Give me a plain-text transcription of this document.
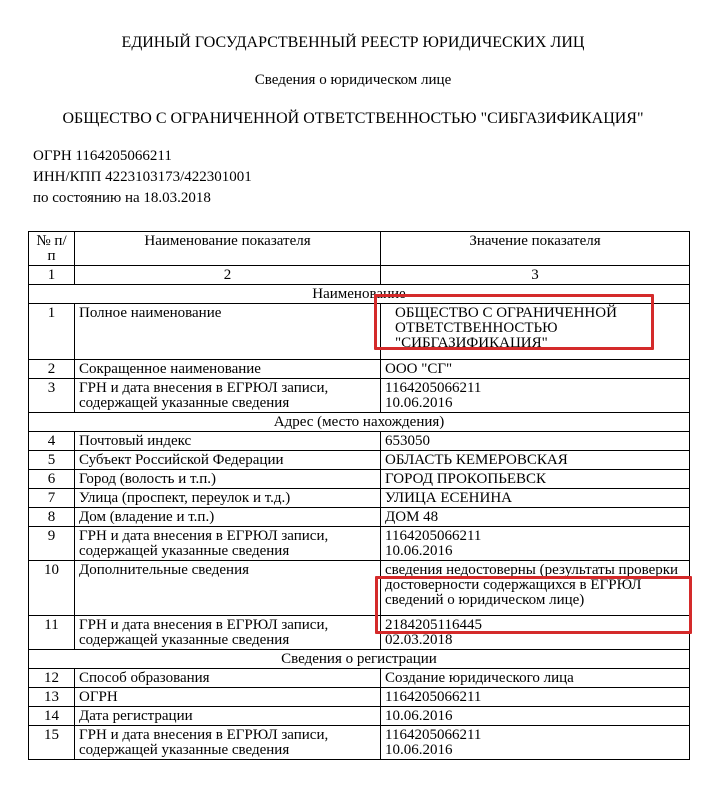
ЕДИНЫЙ ГОСУДАРСТВЕННЫЙ РЕЕСТР ЮРИДИЧЕСКИХ ЛИЦ
Сведения о юридическом лице
ОБЩЕСТВО С ОГРАНИЧЕННОЙ ОТВЕТСТВЕННОСТЬЮ "СИБГАЗИФИКАЦИЯ"
ОГРН 1164205066211
ИНН/КПП 4223103173/422301001
по состоянию на 18.03.2018
№ п/п	Наименование показателя	Значение показателя
1	2	3
Наименование		
1	Полное наименование	ОБЩЕСТВО С ОГРАНИЧЕННОЙ ОТВЕТСТВЕННОСТЬЮ "СИБГАЗИФИКАЦИЯ"
2	Сокращенное наименование	ООО "СГ"
3	ГРН и дата внесения в ЕГРЮЛ записи, содержащей указанные сведения	1164205066211
10.06.2016

Адрес (место нахождения)		
4	Почтовый индекс	653050
5	Субъект Российской Федерации	ОБЛАСТЬ КЕМЕРОВСКАЯ
6	Город (волость и т.п.)	ГОРОД ПРОКОПЬЕВСК
7	Улица (проспект, переулок и т.д.)	УЛИЦА ЕСЕНИНА
8	Дом (владение и т.п.)	ДОМ 48
9	ГРН и дата внесения в ЕГРЮЛ записи, содержащей указанные сведения	1164205066211
10.06.2016

10	Дополнительные сведения	сведения недостоверны (результаты проверки достоверности содержащихся в ЕГРЮЛ сведений о юридическом лице)
11	ГРН и дата внесения в ЕГРЮЛ записи, содержащей указанные сведения	2184205116445
02.03.2018

Сведения о регистрации		
12	Способ образования	Создание юридического лица
13	ОГРН	1164205066211
14	Дата регистрации	10.06.2016
15	ГРН и дата внесения в ЕГРЮЛ записи, содержащей указанные сведения	1164205066211
10.06.2016
